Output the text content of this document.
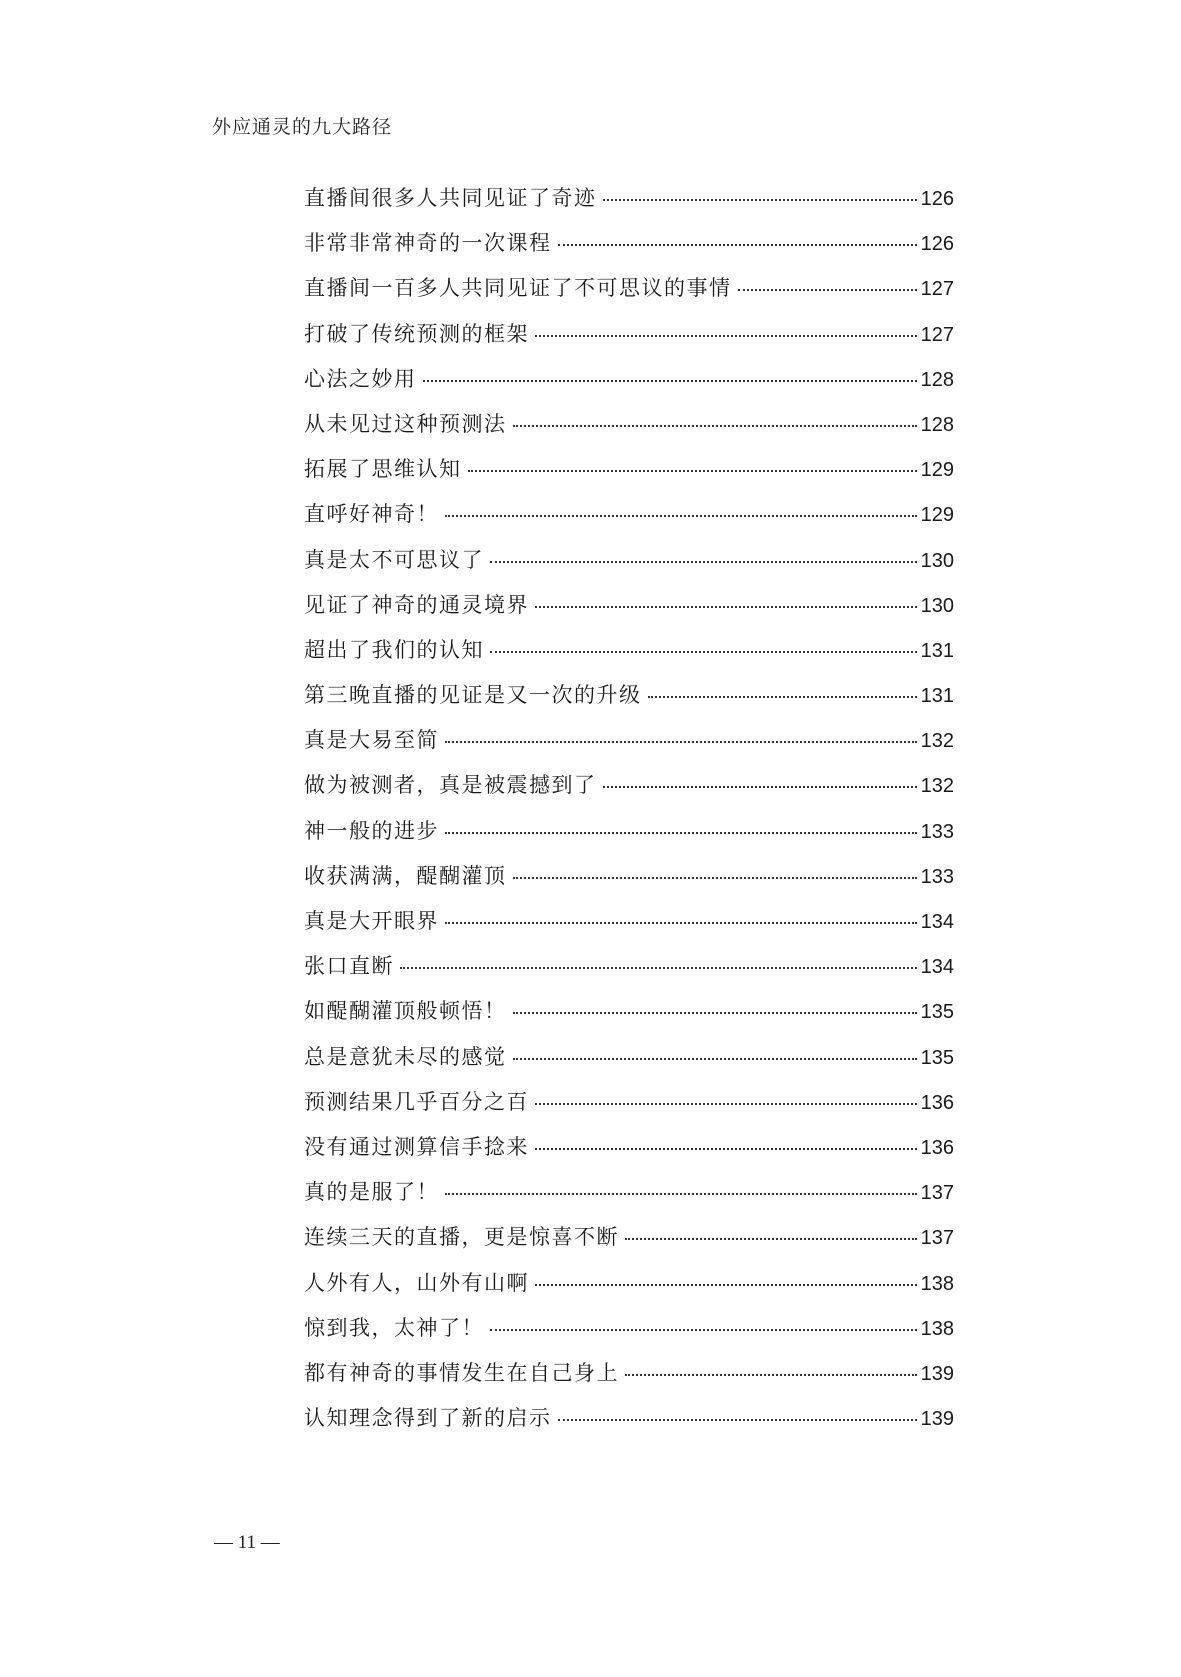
外应通灵的九大路径
直播间很多人共同见证了奇迹	126
非常非常神奇的一次课程	126
直播间一百多人共同见证了不可思议的事情	127
打破了传统预测的框架	127
心法之妙用	128
从未见过这种预测法	128
拓展了思维认知	129
直呼好神奇！	129
真是太不可思议了	130
见证了神奇的通灵境界	130
超出了我们的认知	131
第三晚直播的见证是又一次的升级	131
真是大易至简	132
做为被测者，真是被震撼到了	132
神一般的进步	133
收获满满，醍醐灌顶	133
真是大开眼界	134
张口直断	134
如醍醐灌顶般顿悟！	135
总是意犹未尽的感觉	135
预测结果几乎百分之百	136
没有通过测算信手捻来	136
真的是服了！	137
连续三天的直播，更是惊喜不断	137
人外有人，山外有山啊	138
惊到我，太神了！	138
都有神奇的事情发生在自己身上	139
认知理念得到了新的启示	139
— 11 —
